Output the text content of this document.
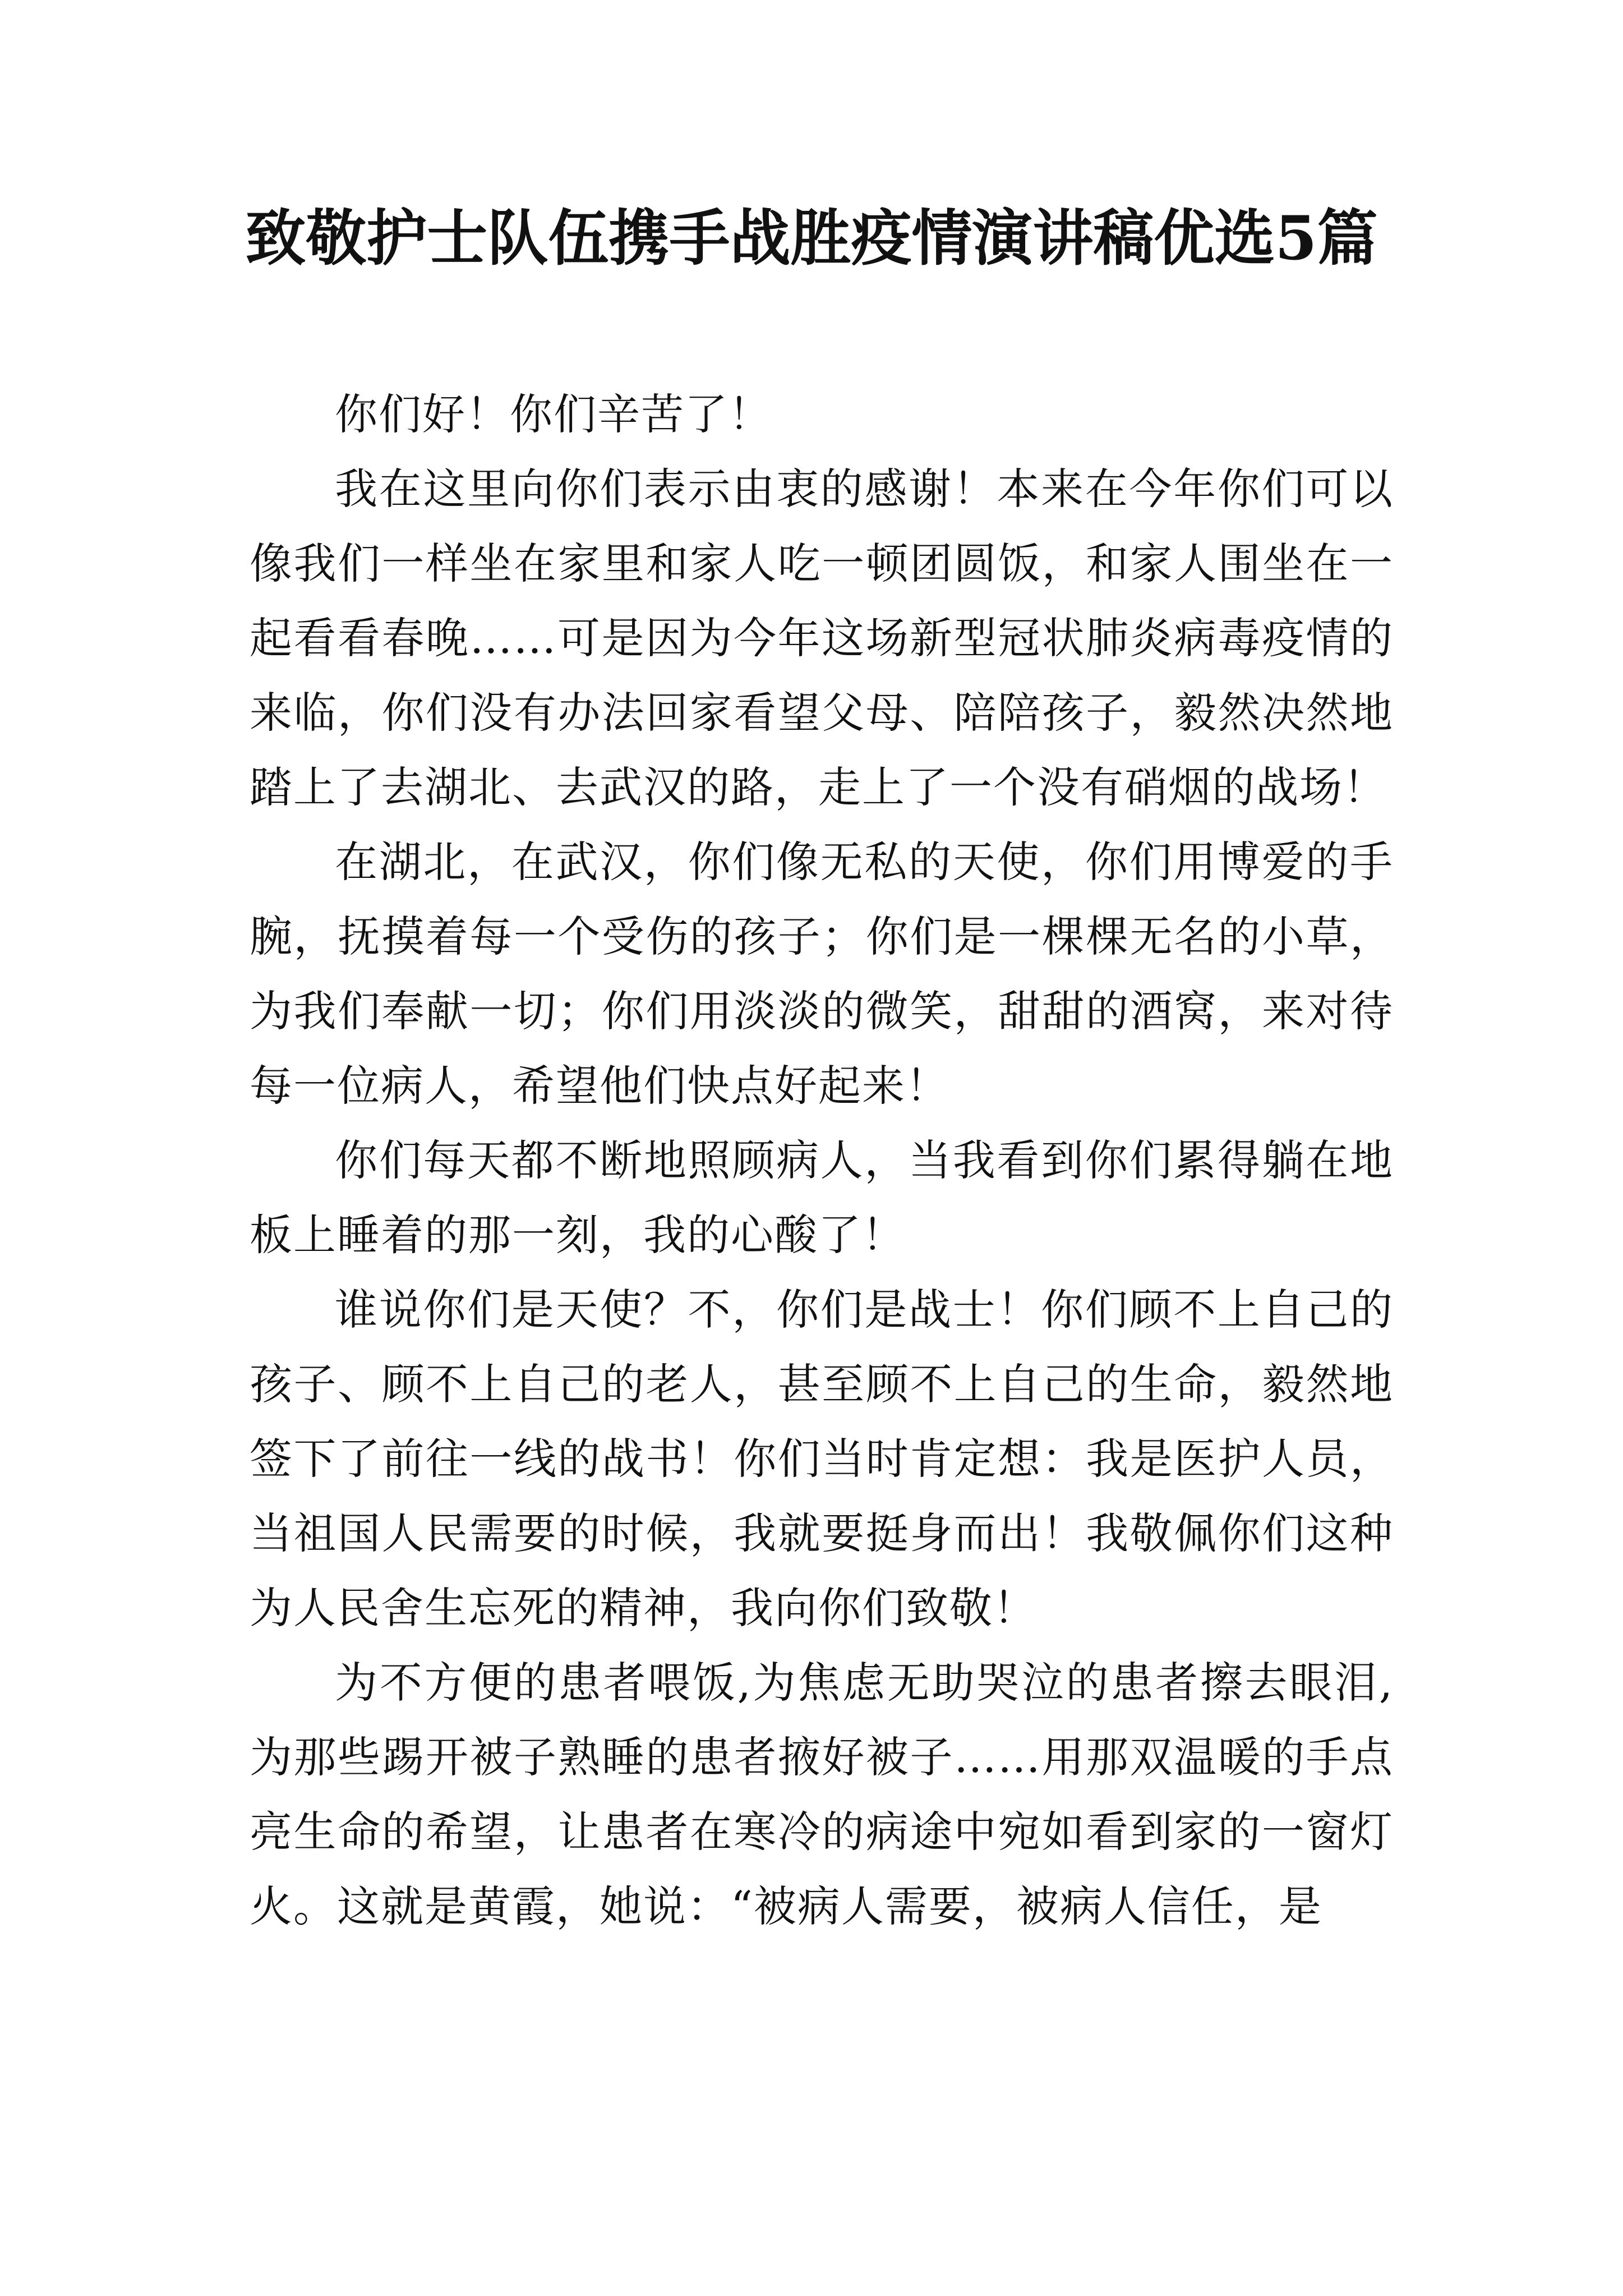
致敬护士队伍携手战胜疫情演讲稿优选5篇

你们好！你们辛苦了！

我在这里向你们表示由衷的感谢！本来在今年你们可以像我们一样坐在家里和家人吃一顿团圆饭，和家人围坐在一起看看春晚……可是因为今年这场新型冠状肺炎病毒疫情的来临，你们没有办法回家看望父母、陪陪孩子，毅然决然地踏上了去湖北、去武汉的路，走上了一个没有硝烟的战场！

在湖北，在武汉，你们像无私的天使，你们用博爱的手腕，抚摸着每一个受伤的孩子；你们是一棵棵无名的小草，为我们奉献一切；你们用淡淡的微笑，甜甜的酒窝，来对待每一位病人，希望他们快点好起来！

你们每天都不断地照顾病人，当我看到你们累得躺在地板上睡着的那一刻，我的心酸了！

谁说你们是天使？不，你们是战士！你们顾不上自己的孩子、顾不上自己的老人，甚至顾不上自己的生命，毅然地签下了前往一线的战书！你们当时肯定想：我是医护人员，当祖国人民需要的时候，我就要挺身而出！我敬佩你们这种为人民舍生忘死的精神，我向你们致敬！

为不方便的患者喂饭,为焦虑无助哭泣的患者擦去眼泪,为那些踢开被子熟睡的患者掖好被子……用那双温暖的手点亮生命的希望，让患者在寒冷的病途中宛如看到家的一窗灯火。这就是黄霞，她说：“被病人需要，被病人信任，是
